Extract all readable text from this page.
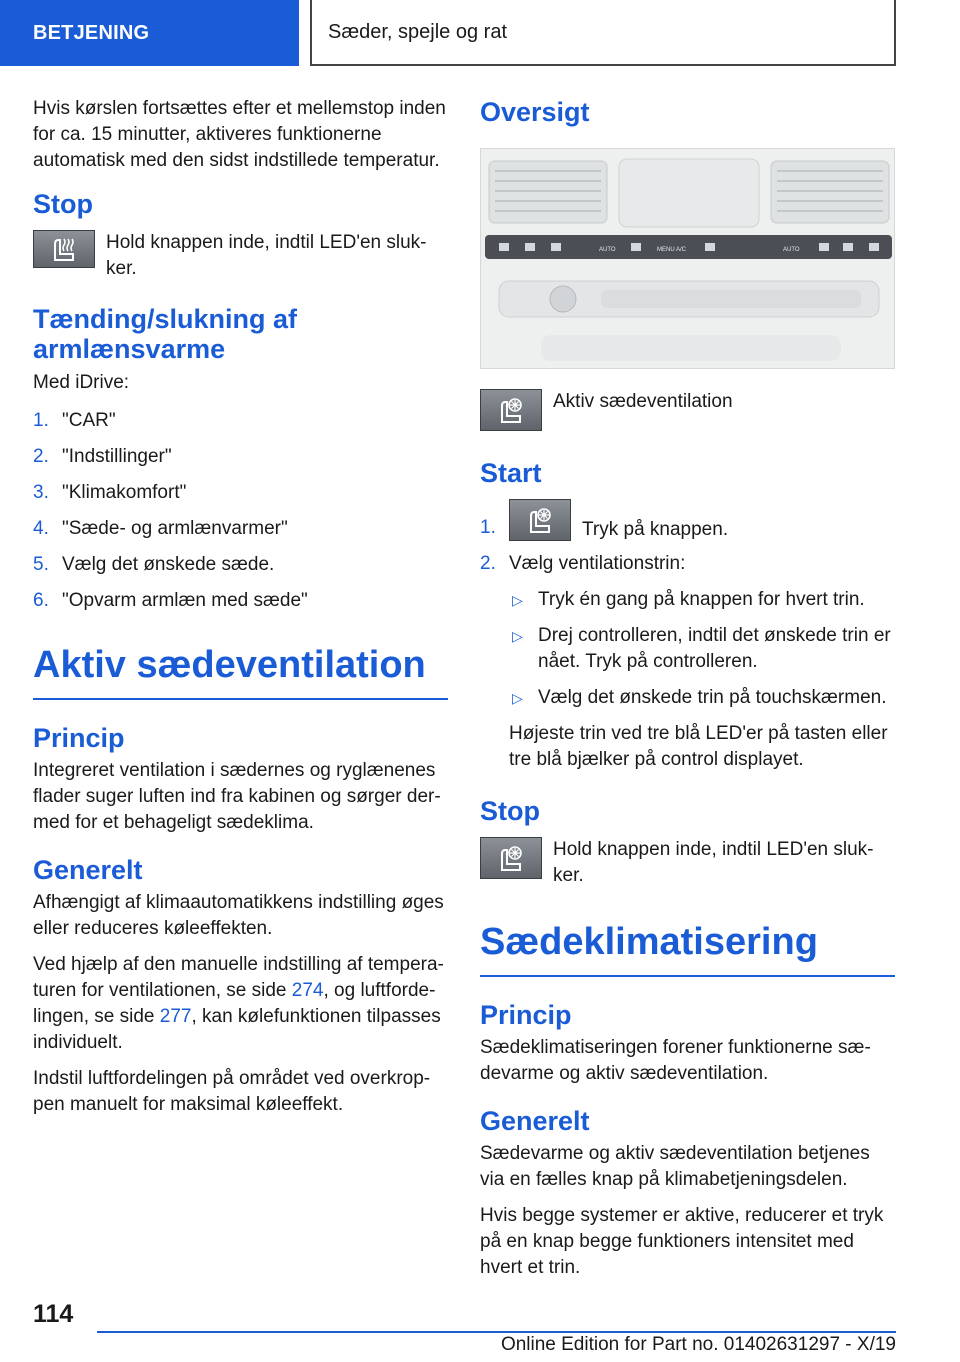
BETJENING	Sæder, spejle og rat

Hvis kørslen fortsættes efter et mellemstop inden for ca. 15 minutter, aktiveres funktionerne automatisk med den sidst indstillede temperatur.

Stop

Hold knappen inde, indtil LED'en slukker.

Tænding/slukning af armlænsvarme

Med iDrive:

1. "CAR"
2. "Indstillinger"
3. "Klimakomfort"
4. "Sæde- og armlænvarmer"
5. Vælg det ønskede sæde.
6. "Opvarm armlæn med sæde"
Aktiv sædeventilation
Princip

Integreret ventilation i sædernes og ryglænenes flader suger luften ind fra kabinen og sørger dermed for et behageligt sædeklima.

Generelt

Afhængigt af klimaautomatikkens indstilling øges eller reduceres køleeffekten.

Ved hjælp af den manuelle indstilling af temperaturen for ventilationen, se side 274, og luftfordelingen, se side 277, kan kølefunktionen tilpasses individuelt.

Indstil luftfordelingen på området ved overkroppen manuelt for maksimal køleeffekt.

Oversigt
AUTO	MENU A/C	AUTO

Aktiv sædeventilation

Start
1.	Tryk på knappen.
2. Vælg ventilationstrin:
▷ Tryk én gang på knappen for hvert trin.
▷ Drej controlleren, indtil det ønskede trin er nået. Tryk på controlleren.
▷ Vælg det ønskede trin på touchskærmen.

Højeste trin ved tre blå LED'er på tasten eller tre blå bjælker på control displayet.

Stop

Hold knappen inde, indtil LED'en slukker.

Sædeklimatisering
Princip

Sædeklimatiseringen forener funktionerne sædevarme og aktiv sædeventilation.

Generelt

Sædevarme og aktiv sædeventilation betjenes via en fælles knap på klimabetjeningsdelen.

Hvis begge systemer er aktive, reducerer et tryk på en knap begge funktioners intensitet med hvert et trin.

114
Online Edition for Part no. 01402631297 - X/19
